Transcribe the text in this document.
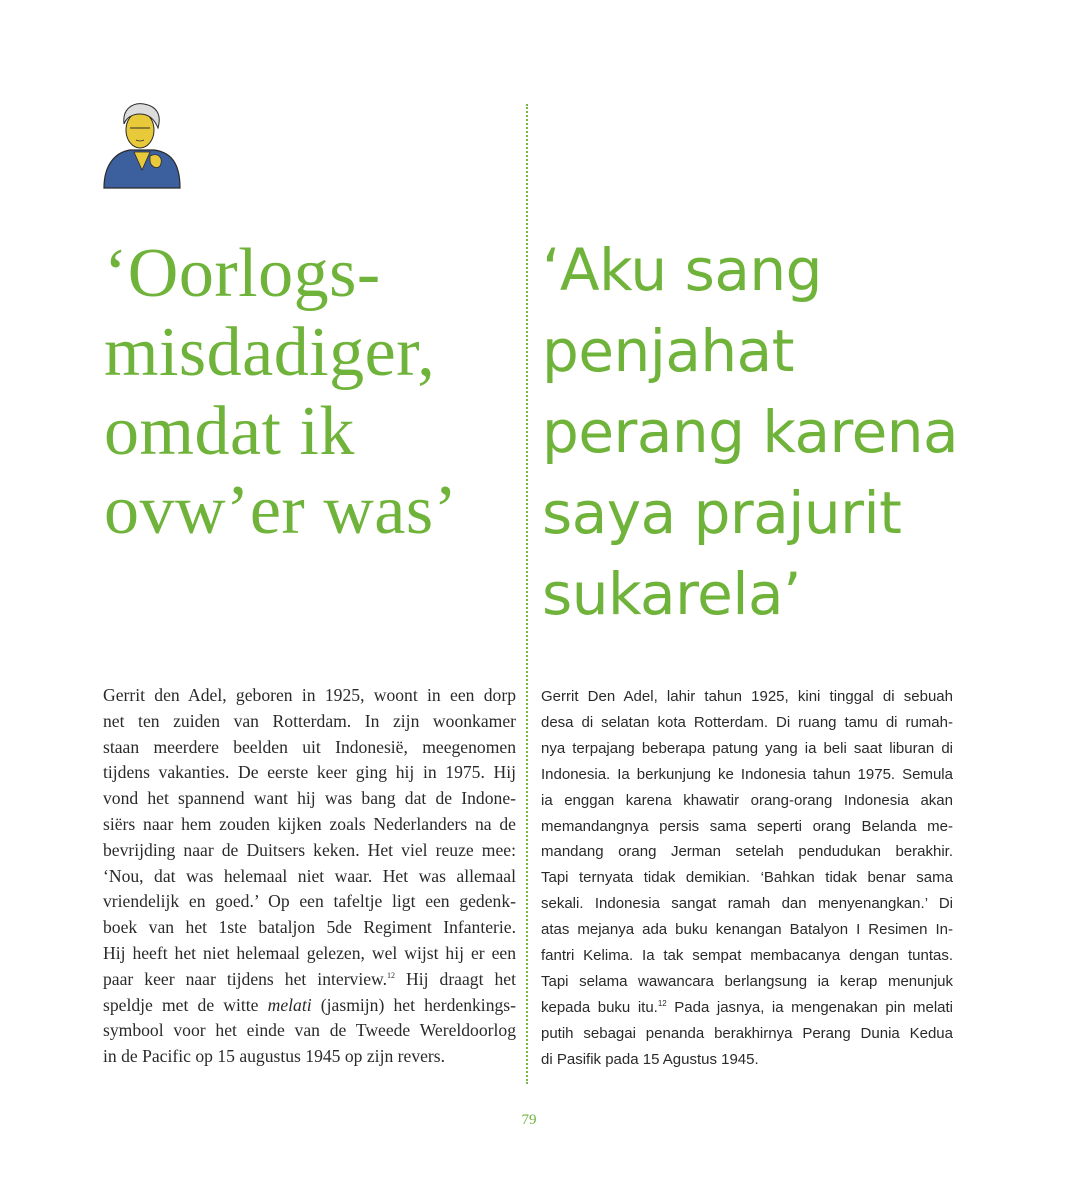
‘Oorlogs-
misdadiger,
omdat ik
ovw’er was’
‘Aku sang
penjahat
perang karena
saya prajurit
sukarela’
Gerrit den Adel, geboren in 1925, woont in een dorp
net ten zuiden van Rotterdam. In zijn woonkamer
staan meerdere beelden uit Indonesië, meegenomen
tijdens vakanties. De eerste keer ging hij in 1975. Hij
vond het spannend want hij was bang dat de Indone-
siërs naar hem zouden kijken zoals Nederlanders na de
bevrijding naar de Duitsers keken. Het viel reuze mee:
‘Nou, dat was helemaal niet waar. Het was allemaal
vriendelijk en goed.’ Op een tafeltje ligt een gedenk-
boek van het 1ste bataljon 5de Regiment Infanterie.
Hij heeft het niet helemaal gelezen, wel wijst hij er een
paar keer naar tijdens het interview.$^{12}$ Hij draagt het
speldje met de witte melati (jasmijn) het herdenkings-
symbool voor het einde van de Tweede Wereldoorlog
in de Pacific op 15 augustus 1945 op zijn revers.
Gerrit Den Adel, lahir tahun 1925, kini tinggal di sebuah
desa di selatan kota Rotterdam. Di ruang tamu di rumah-
nya terpajang beberapa patung yang ia beli saat liburan di
Indonesia. Ia berkunjung ke Indonesia tahun 1975. Semula
ia enggan karena khawatir orang-orang Indonesia akan
memandangnya persis sama seperti orang Belanda me-
mandang orang Jerman setelah pendudukan berakhir.
Tapi ternyata tidak demikian. ‘Bahkan tidak benar sama
sekali. Indonesia sangat ramah dan menyenangkan.’ Di
atas mejanya ada buku kenangan Batalyon I Resimen In-
fantri Kelima. Ia tak sempat membacanya dengan tuntas.
Tapi selama wawancara berlangsung ia kerap menunjuk
kepada buku itu.$^{12}$ Pada jasnya, ia mengenakan pin melati
putih sebagai penanda berakhirnya Perang Dunia Kedua
di Pasifik pada 15 Agustus 1945.
79
